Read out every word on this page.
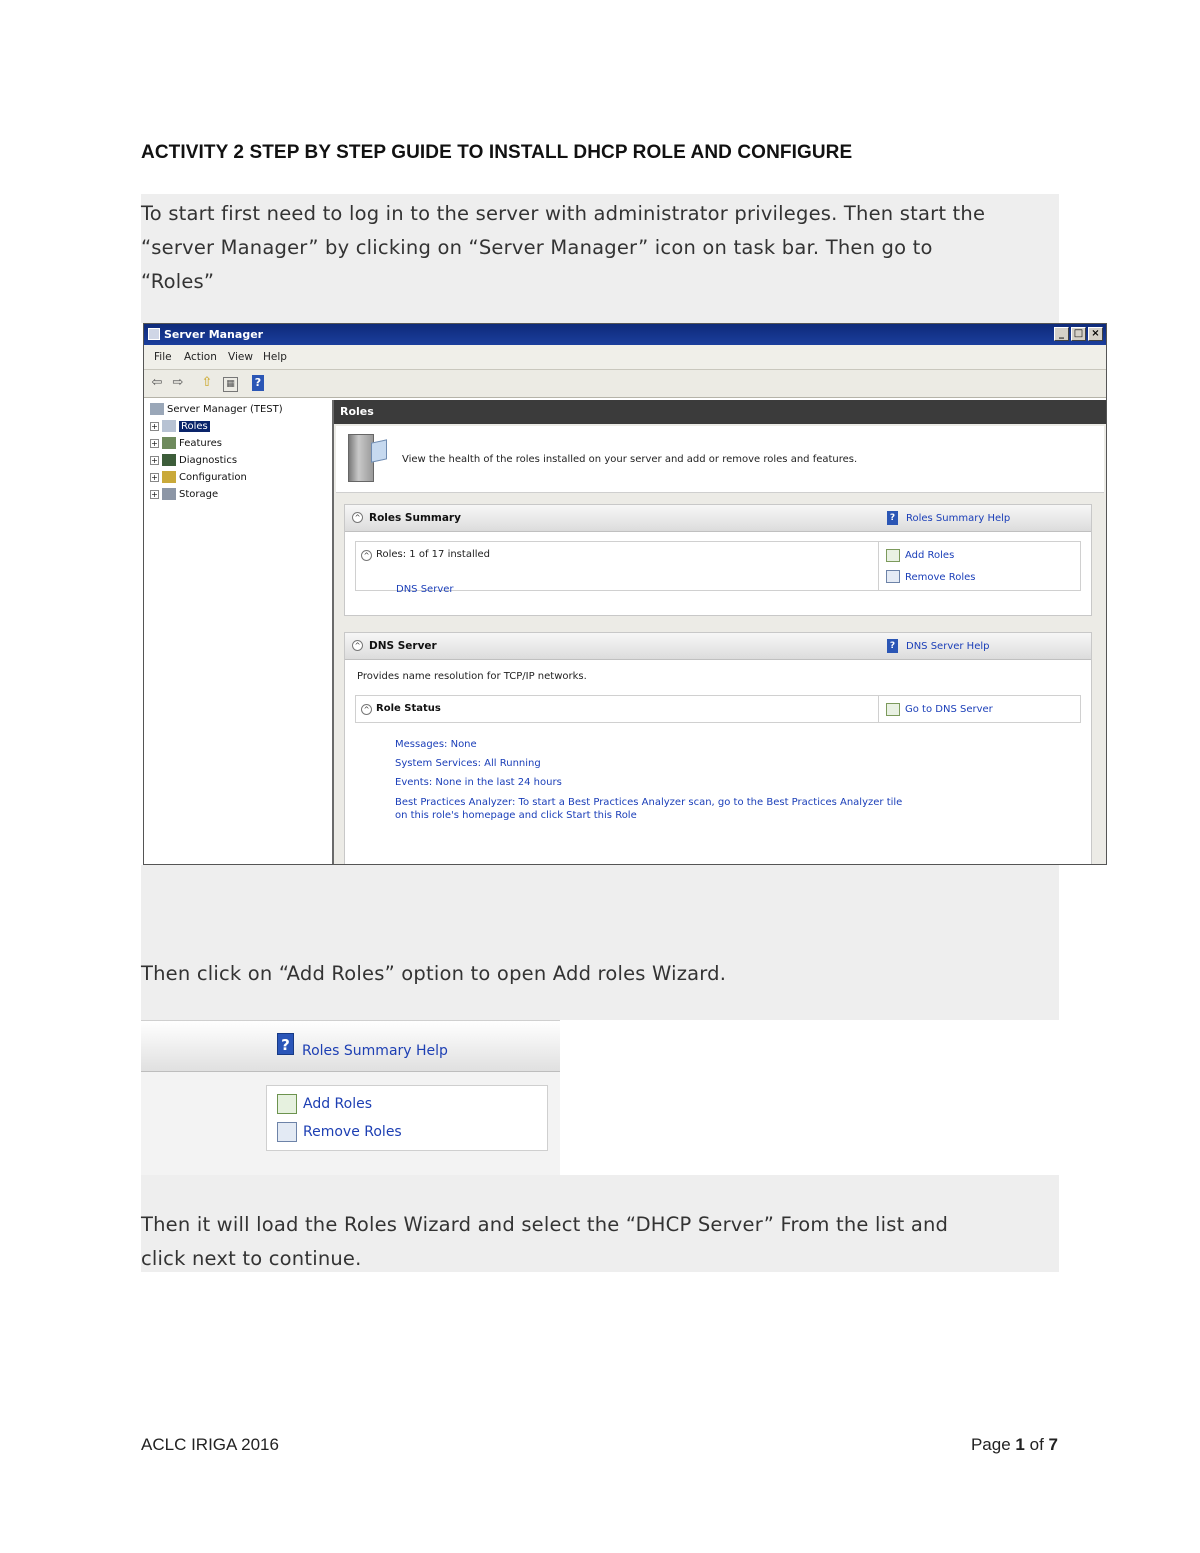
ACTIVITY 2 STEP BY STEP GUIDE TO INSTALL DHCP ROLE AND CONFIGURE
To start first need to log in to the server with administrator privileges. Then start the
“server Manager” by clicking on “Server Manager” icon on task bar. Then go to
“Roles”
Server Manager	_ □ ×
File Action View Help
⇦ ⇨ ⇧	▦ ?
Server Manager (TEST)
+ Roles
+ Features
+ Diagnostics
+ Configuration
+ Storage
Roles
View the health of the roles installed on your server and add or remove roles and features.
^ Roles Summary	? Roles Summary Help
^ Roles: 1 of 17 installed
DNS Server
Add Roles
Remove Roles
^ DNS Server	? DNS Server Help
Provides name resolution for TCP/IP networks.
^ Role Status	Go to DNS Server
Messages: None
System Services: All Running
Events: None in the last 24 hours
Best Practices Analyzer: To start a Best Practices Analyzer scan, go to the Best Practices Analyzer tile
on this role's homepage and click Start this Role
Then click on “Add Roles” option to open Add roles Wizard.
? Roles Summary Help
Add Roles
Remove Roles
Then it will load the Roles Wizard and select the “DHCP Server” From the list and
click next to continue.
ACLC IRIGA 2016	Page 1 of 7
